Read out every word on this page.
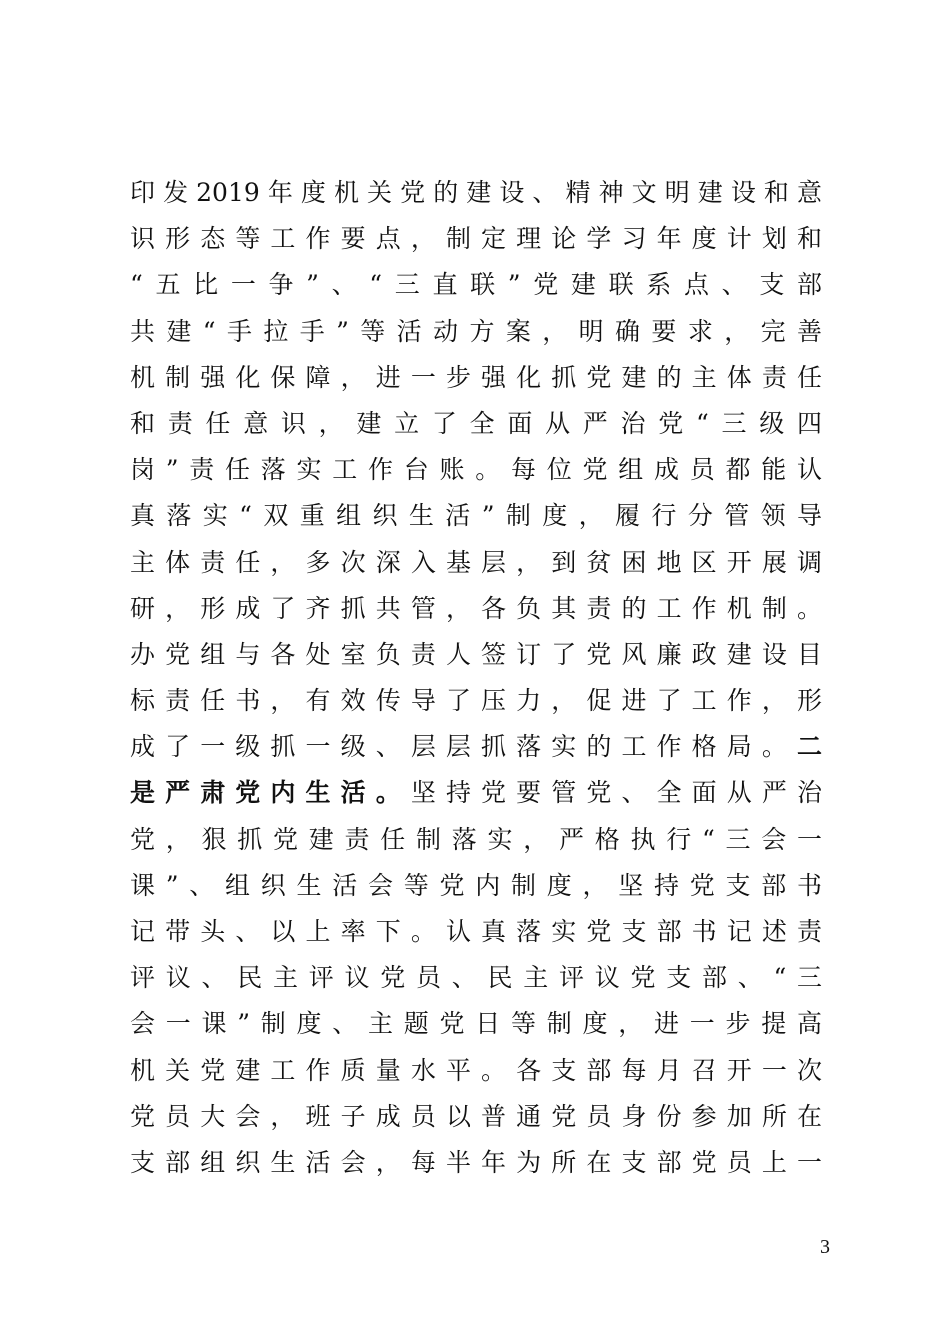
印发2019年度机关党的建设、精神文明建设和意
识形态等工作要点，制定理论学习年度计划和
“五比一争”、“三直联”党建联系点、支部
共建“手拉手”等活动方案，明确要求，完善
机制强化保障，进一步强化抓党建的主体责任
和责任意识，建立了全面从严治党“三级四
岗”责任落实工作台账。每位党组成员都能认
真落实“双重组织生活”制度，履行分管领导
主体责任，多次深入基层，到贫困地区开展调
研，形成了齐抓共管，各负其责的工作机制。
办党组与各处室负责人签订了党风廉政建设目
标责任书，有效传导了压力，促进了工作，形
成了一级抓一级、层层抓落实的工作格局。二
是严肃党内生活。坚持党要管党、全面从严治
党，狠抓党建责任制落实，严格执行“三会一
课”、组织生活会等党内制度，坚持党支部书
记带头、以上率下。认真落实党支部书记述责
评议、民主评议党员、民主评议党支部、“三
会一课”制度、主题党日等制度，进一步提高
机关党建工作质量水平。各支部每月召开一次
党员大会，班子成员以普通党员身份参加所在
支部组织生活会，每半年为所在支部党员上一
3
